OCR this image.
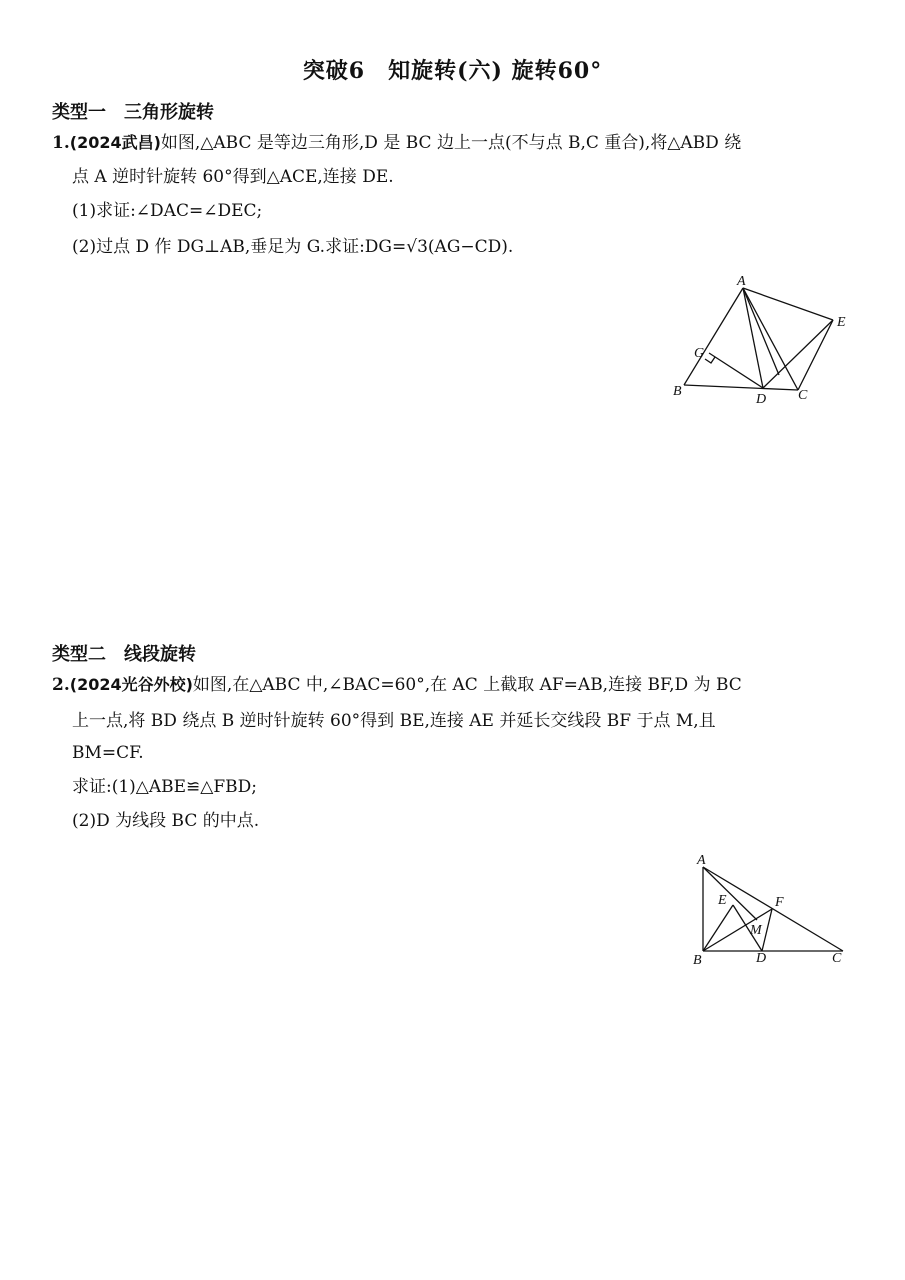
突破6　知旋转(六) 旋转60°
类型一　三角形旋转
1.(2024武昌)如图,△ABC 是等边三角形,D 是 BC 边上一点(不与点 B,C 重合),将△ABD 绕
点 A 逆时针旋转 60°得到△ACE,连接 DE.
(1)求证:∠DAC=∠DEC;
(2)过点 D 作 DG⊥AB,垂足为 G.求证:DG=√3(AG−CD).
A
B	C
D
E
G
类型二　线段旋转
2.(2024光谷外校)如图,在△ABC 中,∠BAC=60°,在 AC 上截取 AF=AB,连接 BF,D 为 BC
上一点,将 BD 绕点 B 逆时针旋转 60°得到 BE,连接 AE 并延长交线段 BF 于点 M,且
BM=CF.
求证:(1)△ABE≌△FBD;
(2)D 为线段 BC 的中点.
A
B	C
D
E	F
M
